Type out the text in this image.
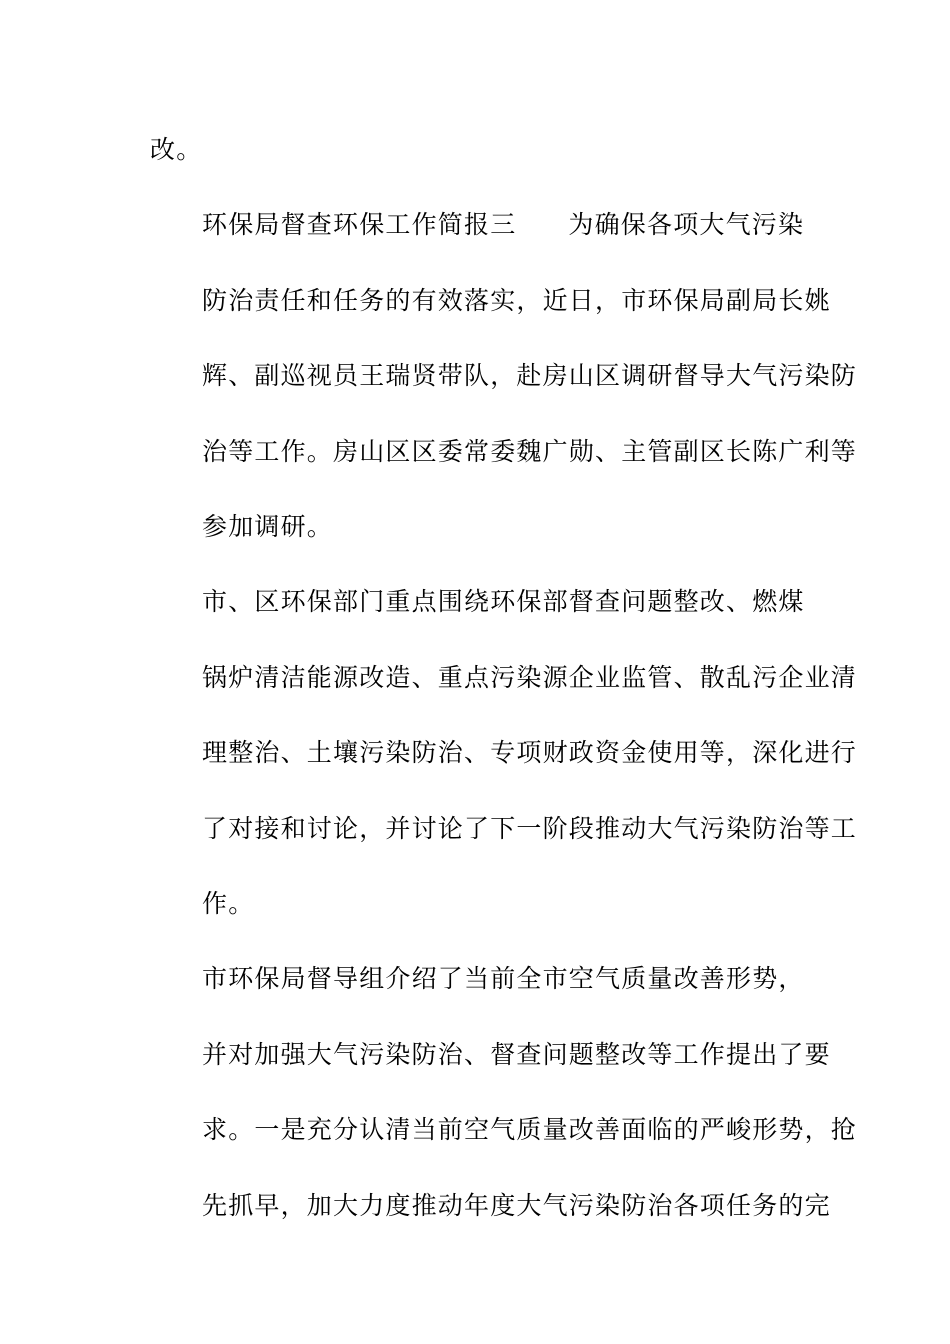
改。

环保局督查环保工作简报三 为确保各项大气污染
防治责任和任务的有效落实，近日，市环保局副局长姚
辉、副巡视员王瑞贤带队，赴房山区调研督导大气污染防
治等工作。房山区区委常委魏广勋、主管副区长陈广利等
参加调研。

市、区环保部门重点围绕环保部督查问题整改、燃煤
锅炉清洁能源改造、重点污染源企业监管、散乱污企业清
理整治、土壤污染防治、专项财政资金使用等，深化进行
了对接和讨论，并讨论了下一阶段推动大气污染防治等工
作。

市环保局督导组介绍了当前全市空气质量改善形势，
并对加强大气污染防治、督查问题整改等工作提出了要
求。一是充分认清当前空气质量改善面临的严峻形势，抢
先抓早，加大力度推动年度大气污染防治各项任务的完
